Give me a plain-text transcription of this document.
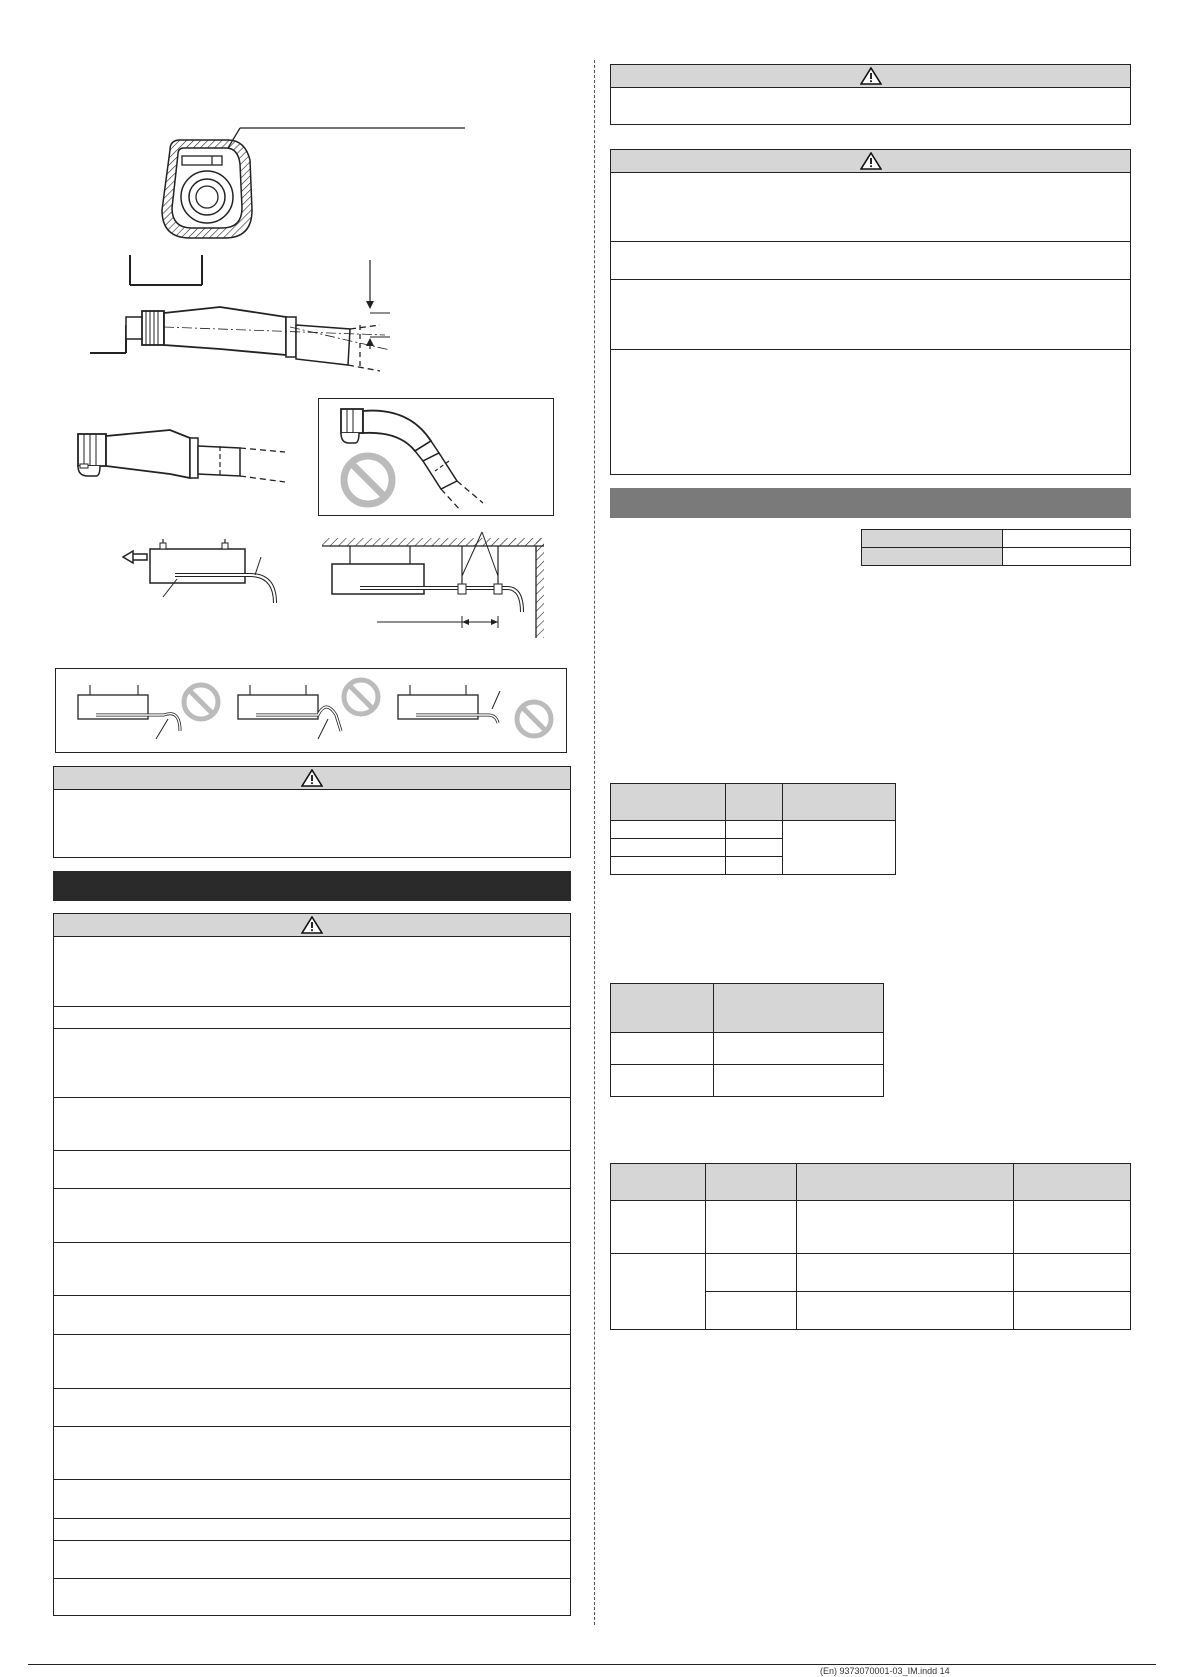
(En) 9373070001-03_IM.indd 14
